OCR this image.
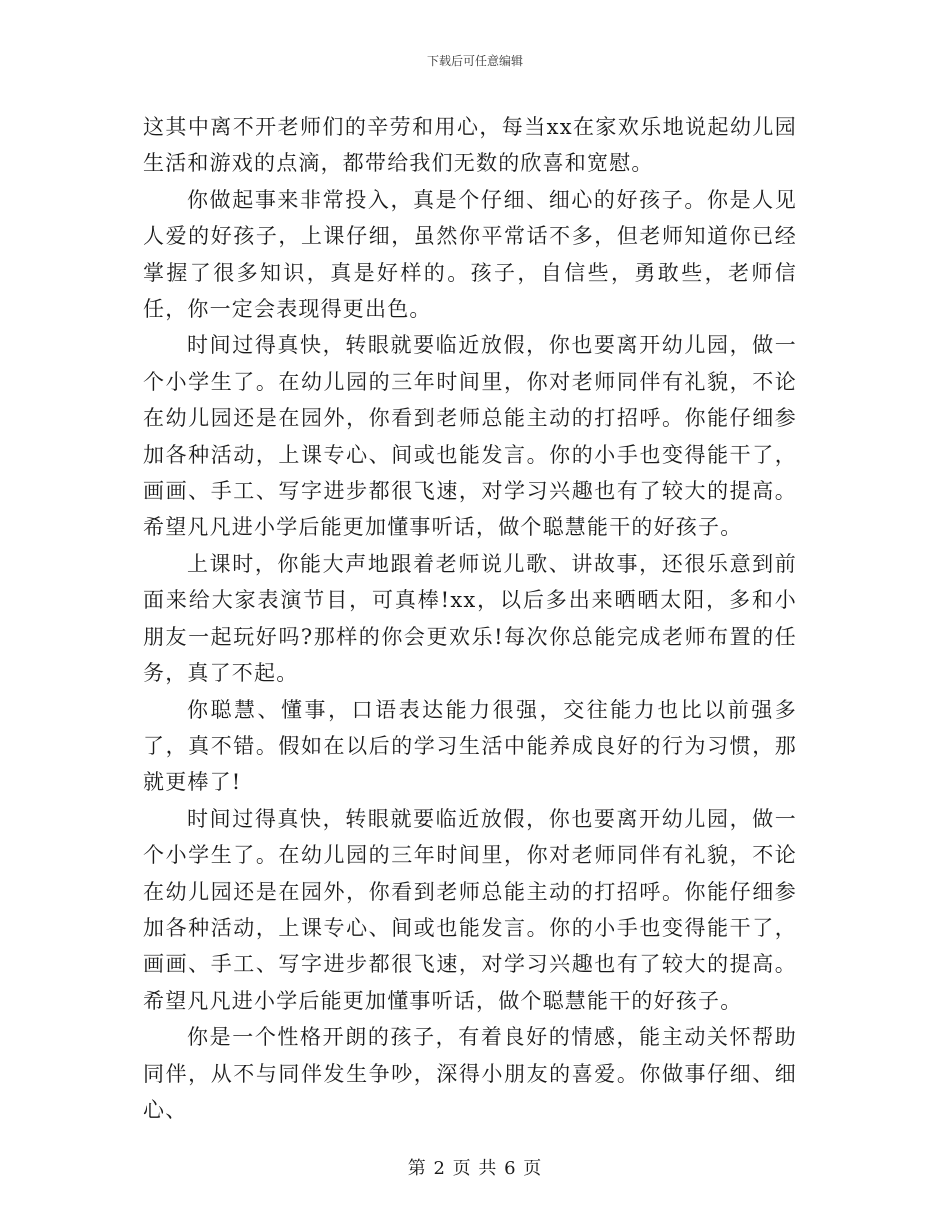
下载后可任意编辑

这其中离不开老师们的辛劳和用心，每当xx在家欢乐地说起幼儿园生活和游戏的点滴，都带给我们无数的欣喜和宽慰。

你做起事来非常投入，真是个仔细、细心的好孩子。你是人见人爱的好孩子，上课仔细，虽然你平常话不多，但老师知道你已经掌握了很多知识，真是好样的。孩子，自信些，勇敢些，老师信任，你一定会表现得更出色。

时间过得真快，转眼就要临近放假，你也要离开幼儿园，做一个小学生了。在幼儿园的三年时间里，你对老师同伴有礼貌，不论在幼儿园还是在园外，你看到老师总能主动的打招呼。你能仔细参加各种活动，上课专心、间或也能发言。你的小手也变得能干了，画画、手工、写字进步都很飞速，对学习兴趣也有了较大的提高。希望凡凡进小学后能更加懂事听话，做个聪慧能干的好孩子。

上课时，你能大声地跟着老师说儿歌、讲故事，还很乐意到前面来给大家表演节目，可真棒!xx，以后多出来晒晒太阳，多和小朋友一起玩好吗?那样的你会更欢乐!每次你总能完成老师布置的任务，真了不起。

你聪慧、懂事，口语表达能力很强，交往能力也比以前强多了，真不错。假如在以后的学习生活中能养成良好的行为习惯，那就更棒了!

时间过得真快，转眼就要临近放假，你也要离开幼儿园，做一个小学生了。在幼儿园的三年时间里，你对老师同伴有礼貌，不论在幼儿园还是在园外，你看到老师总能主动的打招呼。你能仔细参加各种活动，上课专心、间或也能发言。你的小手也变得能干了，画画、手工、写字进步都很飞速，对学习兴趣也有了较大的提高。希望凡凡进小学后能更加懂事听话，做个聪慧能干的好孩子。

你是一个性格开朗的孩子，有着良好的情感，能主动关怀帮助同伴，从不与同伴发生争吵，深得小朋友的喜爱。你做事仔细、细心、

第 2 页 共 6 页
